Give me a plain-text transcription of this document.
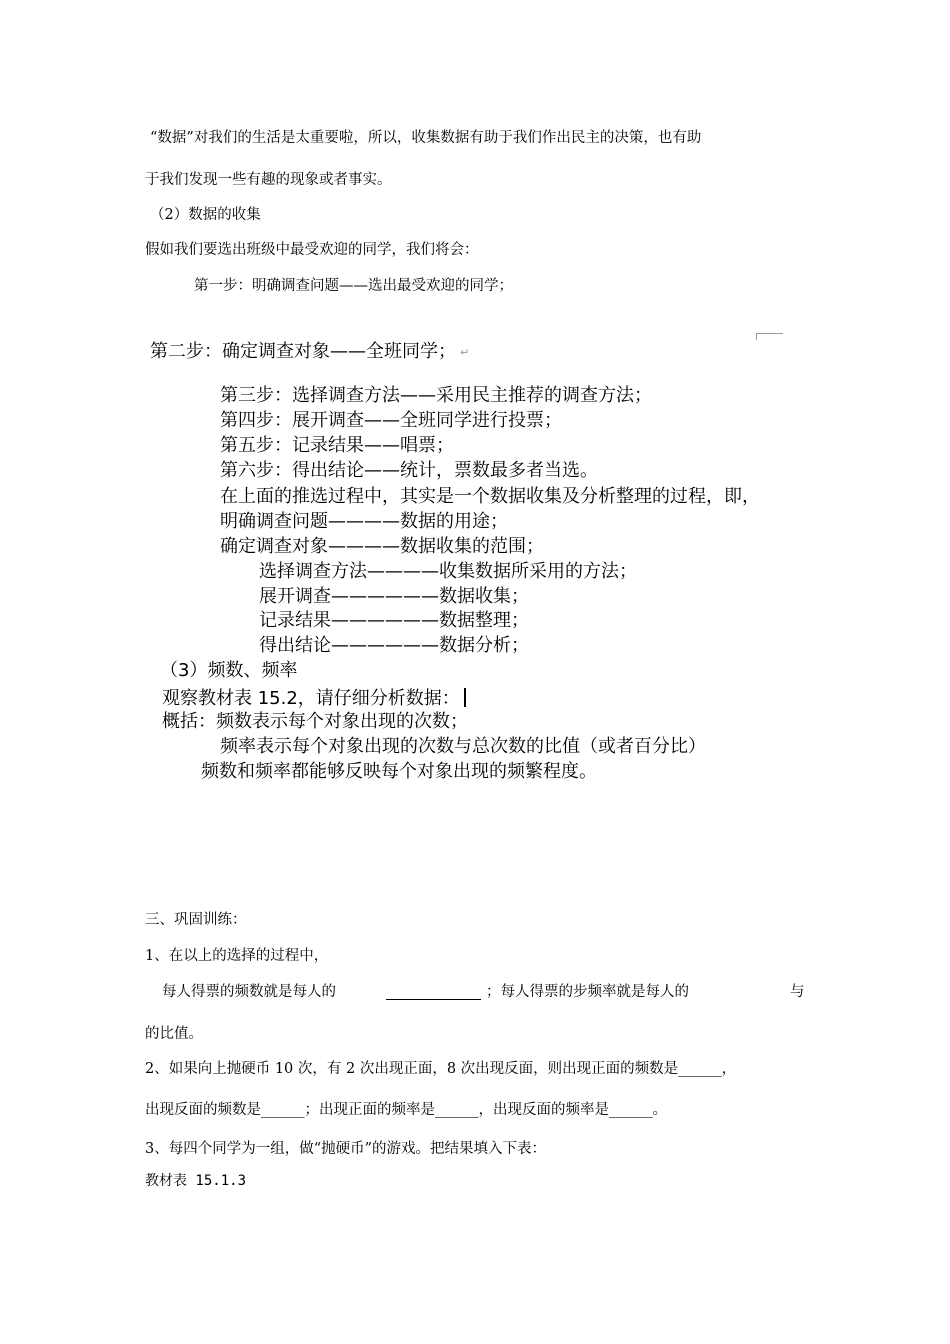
“数据”对我们的生活是太重要啦，所以，收集数据有助于我们作出民主的决策，也有助
于我们发现一些有趣的现象或者事实。
（2）数据的收集
假如我们要选出班级中最受欢迎的同学，我们将会：
第一步：明确调查问题——选出最受欢迎的同学；
第二步：确定调查对象——全班同学； ↵
第三步：选择调查方法——采用民主推荐的调查方法；
第四步：展开调查——全班同学进行投票；
第五步：记录结果——唱票；
第六步：得出结论——统计，票数最多者当选。
在上面的推选过程中，其实是一个数据收集及分析整理的过程，即，
明确调查问题————数据的用途；
确定调查对象————数据收集的范围；
选择调查方法————收集数据所采用的方法；
展开调查——————数据收集；
记录结果——————数据整理；
得出结论——————数据分析；
（3）频数、频率
观察教材表 15.2，请仔细分析数据：
概括：频数表示每个对象出现的次数；
频率表示每个对象出现的次数与总次数的比值（或者百分比）
频数和频率都能够反映每个对象出现的频繁程度。
三、巩固训练：
1、在以上的选择的过程中，
每人得票的频数就是每人的	；每人得票的步频率就是每人的	与
的比值。
2、如果向上抛硬币 10 次，有 2 次出现正面，8 次出现反面，则出现正面的频数是______，
出现反面的频数是______；出现正面的频率是______，出现反面的频率是______。
3、每四个同学为一组，做“抛硬币”的游戏。把结果填入下表：
教材表 15.1.3
